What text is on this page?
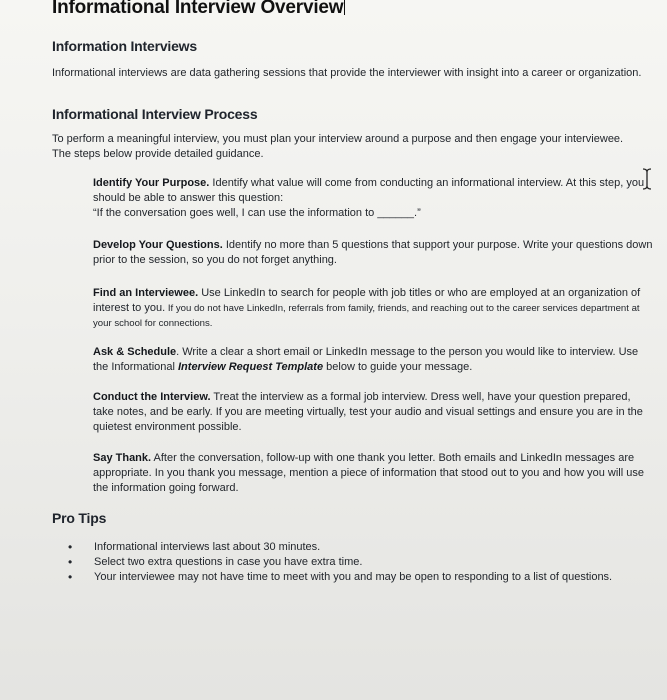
Informational Interview Overview
Information Interviews

Informational interviews are data gathering sessions that provide the interviewer with insight into a career or organization.

Informational Interview Process

To perform a meaningful interview, you must plan your interview around a purpose and then engage your interviewee. The steps below provide detailed guidance.

Identify Your Purpose. Identify what value will come from conducting an informational interview. At this step, you should be able to answer this question:
“If the conversation goes well, I can use the information to ______.”

Develop Your Questions. Identify no more than 5 questions that support your purpose. Write your questions down prior to the session, so you do not forget anything.

Find an Interviewee. Use LinkedIn to search for people with job titles or who are employed at an organization of interest to you. If you do not have LinkedIn, referrals from family, friends, and reaching out to the career services department at your school for connections.

Ask & Schedule. Write a clear a short email or LinkedIn message to the person you would like to interview. Use the Informational Interview Request Template below to guide your message.

Conduct the Interview. Treat the interview as a formal job interview. Dress well, have your question prepared, take notes, and be early. If you are meeting virtually, test your audio and visual settings and ensure you are in the quietest environment possible.

Say Thank. After the conversation, follow-up with one thank you letter. Both emails and LinkedIn messages are appropriate. In you thank you message, mention a piece of information that stood out to you and how you will use the information going forward.

Pro Tips
• Informational interviews last about 30 minutes.
• Select two extra questions in case you have extra time.
• Your interviewee may not have time to meet with you and may be open to responding to a list of questions.
